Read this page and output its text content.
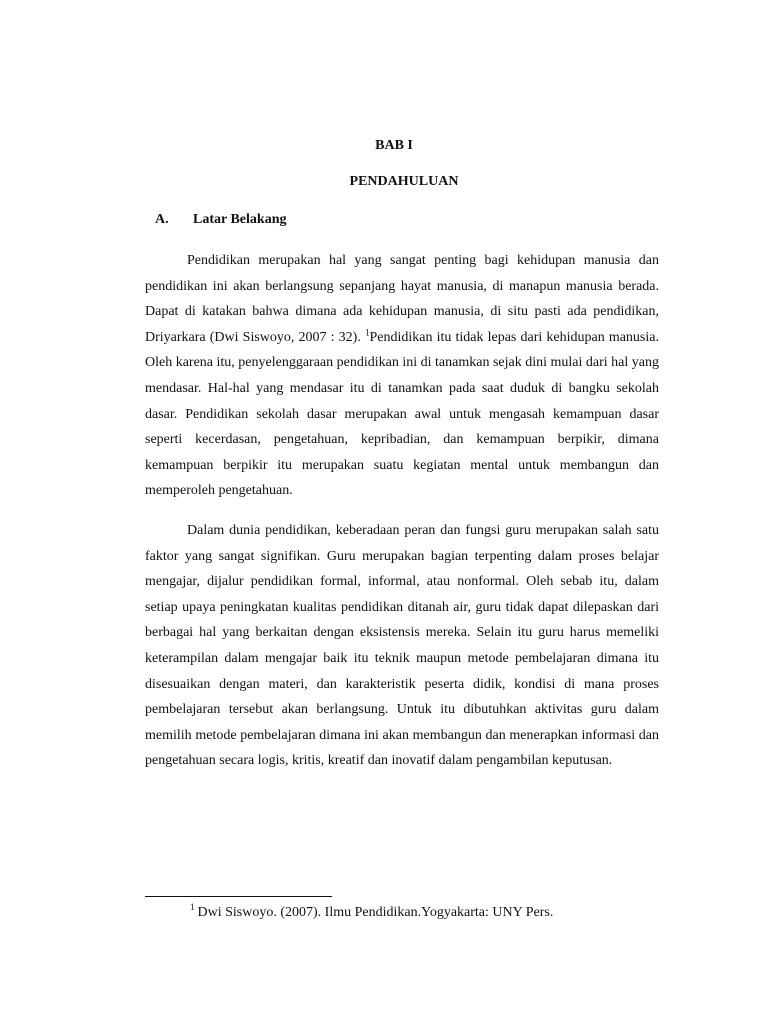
BAB I
PENDAHULUAN
A. Latar Belakang

Pendidikan merupakan hal yang sangat penting bagi kehidupan manusia dan pendidikan ini akan berlangsung sepanjang hayat manusia, di manapun manusia berada. Dapat di katakan bahwa dimana ada kehidupan manusia, di situ pasti ada pendidikan, Driyarkara (Dwi Siswoyo, 2007 : 32). $^1$Pendidikan itu tidak lepas dari kehidupan manusia. Oleh karena itu, penyelenggaraan pendidikan ini di tanamkan sejak dini mulai dari hal yang mendasar. Hal-hal yang mendasar itu di tanamkan pada saat duduk di bangku sekolah dasar. Pendidikan sekolah dasar merupakan awal untuk mengasah kemampuan dasar seperti kecerdasan, pengetahuan, kepribadian, dan kemampuan berpikir, dimana kemampuan berpikir itu merupakan suatu kegiatan mental untuk membangun dan memperoleh pengetahuan.

Dalam dunia pendidikan, keberadaan peran dan fungsi guru merupakan salah satu faktor yang sangat signifikan. Guru merupakan bagian terpenting dalam proses belajar mengajar, dijalur pendidikan formal, informal, atau nonformal. Oleh sebab itu, dalam setiap upaya peningkatan kualitas pendidikan ditanah air, guru tidak dapat dilepaskan dari berbagai hal yang berkaitan dengan eksistensis mereka. Selain itu guru harus memeliki keterampilan dalam mengajar baik itu teknik maupun metode pembelajaran dimana itu disesuaikan dengan materi, dan karakteristik peserta didik, kondisi di mana proses pembelajaran tersebut akan berlangsung. Untuk itu dibutuhkan aktivitas guru dalam memilih metode pembelajaran dimana ini akan membangun dan menerapkan informasi dan pengetahuan secara logis, kritis, kreatif dan inovatif dalam pengambilan keputusan.

$^1$ Dwi Siswoyo. (2007). Ilmu Pendidikan.Yogyakarta: UNY Pers.
